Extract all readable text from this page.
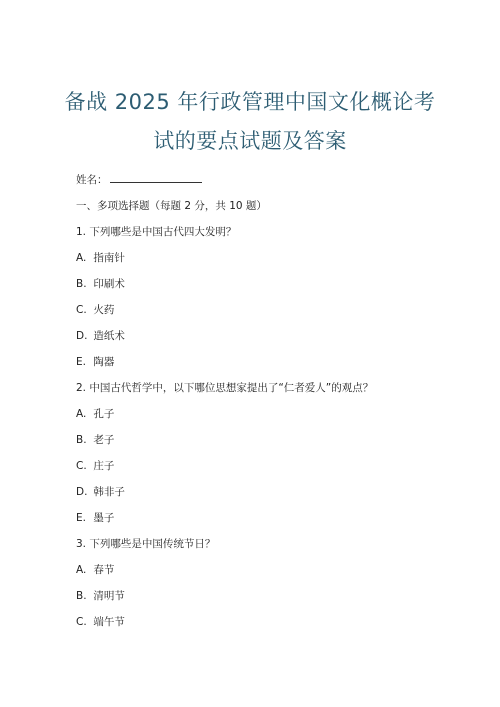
备战 2025 年行政管理中国文化概论考
试的要点试题及答案
姓名：
一、多项选择题（每题 2 分，共 10 题）
1. 下列哪些是中国古代四大发明？
A. 指南针
B. 印刷术
C. 火药
D. 造纸术
E. 陶器
2. 中国古代哲学中，以下哪位思想家提出了“仁者爱人”的观点？
A. 孔子
B. 老子
C. 庄子
D. 韩非子
E. 墨子
3. 下列哪些是中国传统节日？
A. 春节
B. 清明节
C. 端午节
